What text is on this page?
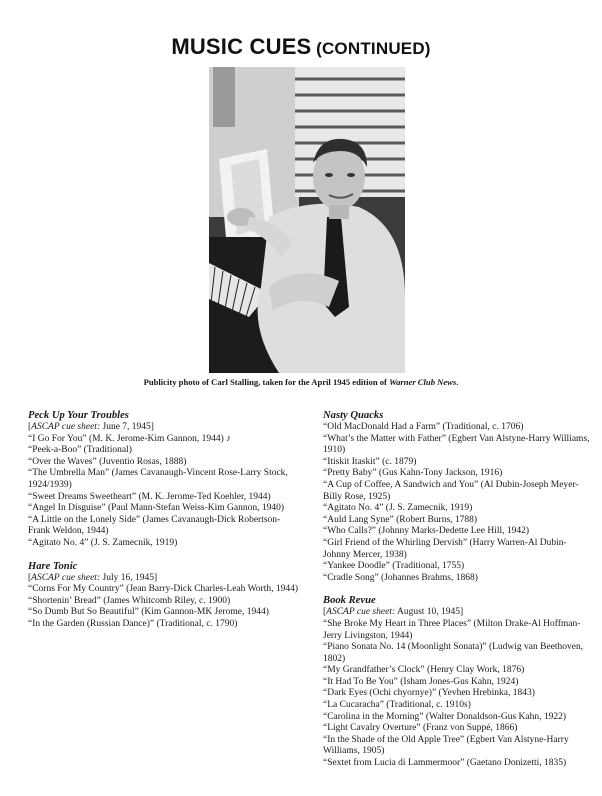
MUSIC CUES (CONTINUED)
Publicity photo of Carl Stalling, taken for the April 1945 edition of Warner Club News.

Peck Up Your Troubles

[ASCAP cue sheet: June 7, 1945]

“I Go For You” (M. K. Jerome-Kim Gannon, 1944) ♪

“Peek-a-Boo” (Traditional)

“Over the Waves” (Juventio Rosas, 1888)

“The Umbrella Man” (James Cavanaugh-Vincent Rose-Larry Stock, 1924/1939)

“Sweet Dreams Sweetheart” (M. K. Jerome-Ted Koehler, 1944)

“Angel In Disguise” (Paul Mann-Stefan Weiss-Kim Gannon, 1940)

“A Little on the Lonely Side” (James Cavanaugh-Dick Robertson-Frank Weldon, 1944)

“Agitato No. 4” (J. S. Zamecnik, 1919)

Hare Tonic

[ASCAP cue sheet: July 16, 1945]

“Corns For My Country” (Jean Barry-Dick Charles-Leah Worth, 1944)

“Shortenin’ Bread” (James Whitcomb Riley, c. 1900)

“So Dumb But So Beautiful” (Kim Gannon-MK Jerome, 1944)

“In the Garden (Russian Dance)” (Traditional, c. 1790)

Nasty Quacks

“Old MacDonald Had a Farm” (Traditional, c. 1706)

“What’s the Matter with Father” (Egbert Van Alstyne-Harry Williams, 1910)

“Itiskit Itaskit” (c. 1879)

“Pretty Baby” (Gus Kahn-Tony Jackson, 1916)

“A Cup of Coffee, A Sandwich and You” (Al Dubin-Joseph Meyer-Billy Rose, 1925)

“Agitato No. 4” (J. S. Zamecnik, 1919)

“Auld Lang Syne” (Robert Burns, 1788)

“Who Calls?” (Johnny Marks-Dedette Lee Hill, 1942)

“Girl Friend of the Whirling Dervish” (Harry Warren-Al Dubin-Johnny Mercer, 1938)

“Yankee Doodle” (Traditional, 1755)

“Cradle Song” (Johannes Brahms, 1868)

Book Revue

[ASCAP cue sheet: August 10, 1945]

“She Broke My Heart in Three Places” (Milton Drake-Al Hoffman-Jerry Livingston, 1944)

“Piano Sonata No. 14 (Moonlight Sonata)” (Ludwig van Beethoven, 1802)

“My Grandfather’s Clock” (Henry Clay Work, 1876)

“It Had To Be You” (Isham Jones-Gus Kahn, 1924)

“Dark Eyes (Ochi chyornye)” (Yevhen Hrebinka, 1843)

“La Cucaracha” (Traditional, c. 1910s)

“Carolina in the Morning” (Walter Donaldson-Gus Kahn, 1922)

“Light Cavalry Overture” (Franz von Suppé, 1866)

“In the Shade of the Old Apple Tree” (Egbert Van Alstyne-Harry Williams, 1905)

“Sextet from Lucia di Lammermoor” (Gaetano Donizetti, 1835)
